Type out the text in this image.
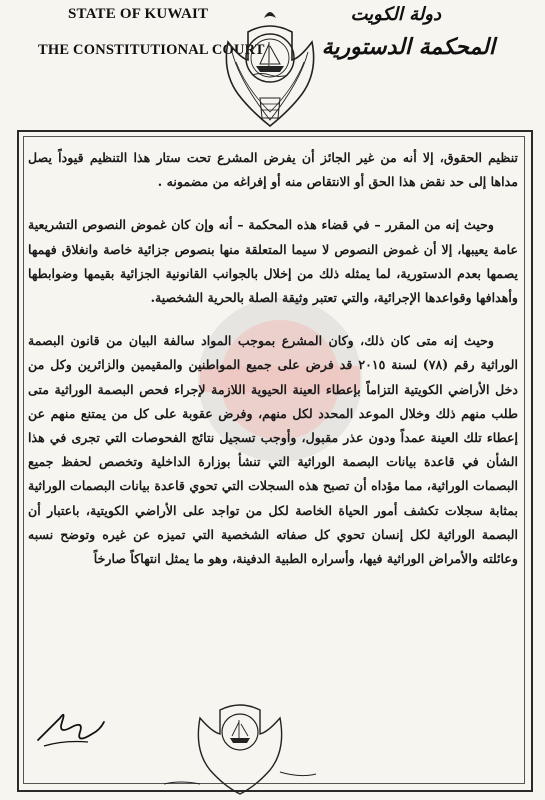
STATE OF KUWAIT
THE CONSTITUTIONAL COURT
دولة الكويت
المحكمة الدستورية

تنظيم الحقوق، إلا أنه من غير الجائز أن يفرض المشرع تحت ستار هذا التنظيم قيوداً يصل مداها إلى حد نقض هذا الحق أو الانتقاص منه أو إفراغه من مضمونه .

وحيث إنه من المقرر – في قضاء هذه المحكمة – أنه وإن كان غموض النصوص التشريعية عامة يعيبها، إلا أن غموض النصوص لا سيما المتعلقة منها بنصوص جزائية خاصة وانغلاق فهمها يصمها بعدم الدستورية، لما يمثله ذلك من إخلال بالجوانب القانونية الجزائية بقيمها وضوابطها وأهدافها وقواعدها الإجرائية، والتي تعتبر وثيقة الصلة بالحرية الشخصية.

وحيث إنه متى كان ذلك، وكان المشرع بموجب المواد سالفة البيان من قانون البصمة الوراثية رقم (٧٨) لسنة ٢٠١٥ قد فرض على جميع المواطنين والمقيمين والزائرين وكل من دخل الأراضي الكويتية التزاماً بإعطاء العينة الحيوية اللازمة لإجراء فحص البصمة الوراثية متى طلب منهم ذلك وخلال الموعد المحدد لكل منهم، وفرض عقوبة على كل من يمتنع منهم عن إعطاء تلك العينة عمداً ودون عذر مقبول، وأوجب تسجيل نتائج الفحوصات التي تجرى في هذا الشأن في قاعدة بيانات البصمة الوراثية التي تنشأ بوزارة الداخلية وتخصص لحفظ جميع البصمات الوراثية، مما مؤداه أن تصبح هذه السجلات التي تحوي قاعدة بيانات البصمات الوراثية بمثابة سجلات تكشف أمور الحياة الخاصة لكل من تواجد على الأراضي الكويتية، باعتبار أن البصمة الوراثية لكل إنسان تحوي كل صفاته الشخصية التي تميزه عن غيره وتوضح نسبه وعائلته والأمراض الوراثية فيها، وأسراره الطبية الدفينة، وهو ما يمثل انتهاكاً صارخاً
